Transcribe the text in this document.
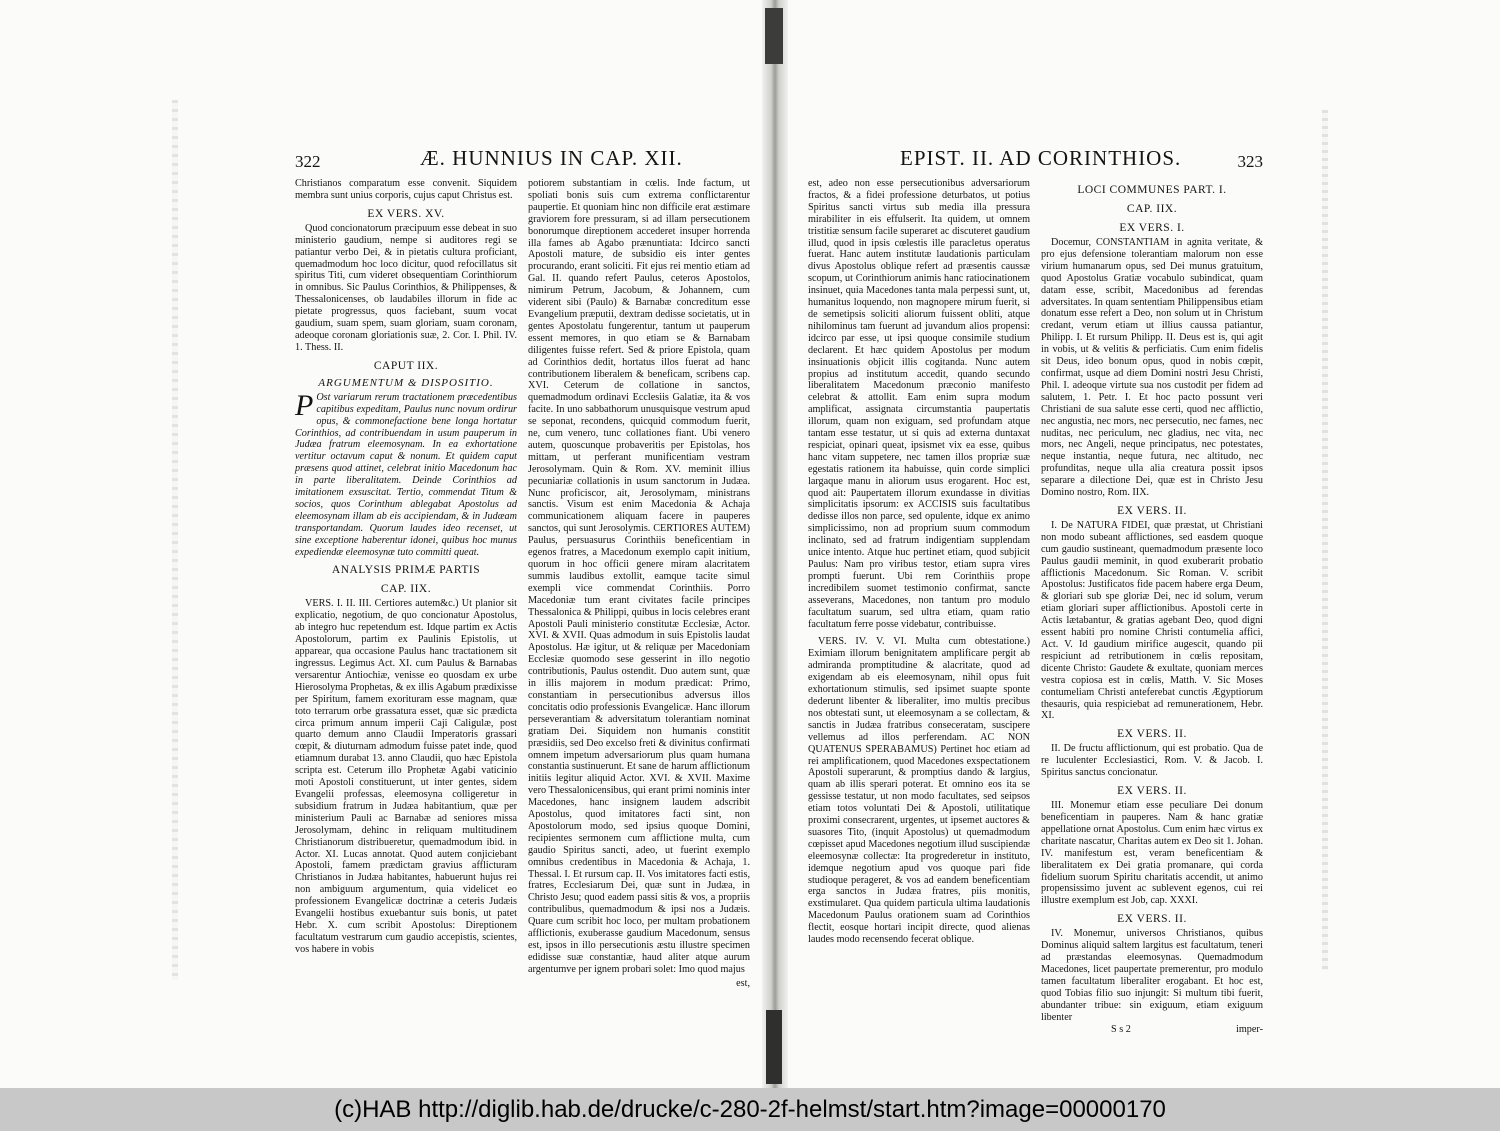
322	Æ. HUNNIUS IN CAP. XII.

Christianos comparatum esse convenit. Siquidem membra sunt unius corporis, cujus caput Christus est.

EX VERS. XV.

Quod concionatorum præcipuum esse debeat in suo ministerio gaudium, nempe si auditores regi se patiantur verbo Dei, & in pietatis cultura proficiant, quemadmodum hoc loco dicitur, quod refocillatus sit spiritus Titi, cum videret obsequentiam Corinthiorum in omnibus. Sic Paulus Corinthios, & Philippenses, & Thessalonicenses, ob laudabiles illorum in fide ac pietate progressus, quos faciebant, suum vocat gaudium, suam spem, suam gloriam, suam coronam, adeoque coronam gloriationis suæ, 2. Cor. I. Phil. IV. 1. Thess. II.

CAPUT IIX.
ARGUMENTUM & DISPOSITIO.

P Ost variarum rerum tractationem præcedentibus capitibus expeditam, Paulus nunc novum ordirur opus, & commonefactione bene longa hortatur Corinthios, ad contribuendam in usum pauperum in Judæa fratrum eleemosynam. In ea exhortatione vertitur octavum caput & nonum. Et quidem caput præsens quod attinet, celebrat initio Macedonum hac in parte liberalitatem. Deinde Corinthios ad imitationem exsuscitat. Tertio, commendat Titum & socios, quos Corinthum ablegabat Apostolus ad eleemosynam illam ab eis accipiendam, & in Judæam transportandam. Quorum laudes ideo recenset, ut sine exceptione haberentur idonei, quibus hoc munus expediendæ eleemosynæ tuto committi queat.

ANALYSIS PRIMÆ PARTIS
CAP. IIX.

VERS. I. II. III. Certiores autem&c.) Ut planior sit explicatio, negotium, de quo concionatur Apostolus, ab integro huc repetendum est. Idque partim ex Actis Apostolorum, partim ex Paulinis Epistolis, ut apparear, qua occasione Paulus hanc tractationem sit ingressus. Legimus Act. XI. cum Paulus & Barnabas versarentur Antiochiæ, venisse eo quosdam ex urbe Hierosolyma Prophetas, & ex illis Agabum prædixisse per Spiritum, famem exorituram esse magnam, quæ toto terrarum orbe grassatura esset, quæ sic prædicta circa primum annum imperii Caji Caligulæ, post quarto demum anno Claudii Imperatoris grassari cœpit, & diuturnam admodum fuisse patet inde, quod etiamnum durabat 13. anno Claudii, quo hæc Epistola scripta est. Ceterum illo Prophetæ Agabi vaticinio moti Apostoli constituerunt, ut inter gentes, sidem Evangelii professas, eleemosyna colligeretur in subsidium fratrum in Judæa habitantium, quæ per ministerium Pauli ac Barnabæ ad seniores missa Jerosolymam, dehinc in reliquam multitudinem Christianorum distribueretur, quemadmodum ibid. in Actor. XI. Lucas annotat. Quod autem conjiciebant Apostoli, famem prædictam gravius afflicturam Christianos in Judæa habitantes, habuerunt hujus rei non ambiguum argumentum, quia videlicet eo professionem Evangelicæ doctrinæ a ceteris Judæis Evangelii hostibus exuebantur suis bonis, ut patet Hebr. X. cum scribit Apostolus: Direptionem facultatum vestrarum cum gaudio accepistis, scientes, vos habere in vobis

potiorem substantiam in cœlis. Inde factum, ut spoliati bonis suis cum extrema conflictarentur paupertie. Et quoniam hinc non difficile erat æstimare graviorem fore pressuram, si ad illam persecutionem bonorumque direptionem accederet insuper horrenda illa fames ab Agabo prænuntiata: Idcirco sancti Apostoli mature, de subsidio eis inter gentes procurando, erant soliciti. Fit ejus rei mentio etiam ad Gal. II. quando refert Paulus, ceteros Apostolos, nimirum Petrum, Jacobum, & Johannem, cum viderent sibi (Paulo) & Barnabæ concreditum esse Evangelium præputii, dextram dedisse societatis, ut in gentes Apostolatu fungerentur, tantum ut pauperum essent memores, in quo etiam se & Barnabam diligentes fuisse refert. Sed & priore Epistola, quam ad Corinthios dedit, hortatus illos fuerat ad hanc contributionem liberalem & beneficam, scribens cap. XVI. Ceterum de collatione in sanctos, quemadmodum ordinavi Ecclesiis Galatiæ, ita & vos facite. In uno sabbathorum unusquisque vestrum apud se seponat, recondens, quicquid commodum fuerit, ne, cum venero, tunc collationes fiant. Ubi venero autem, quoscunque probaveritis per Epistolas, hos mittam, ut perferant munificentiam vestram Jerosolymam. Quin & Rom. XV. meminit illius pecuniariæ collationis in usum sanctorum in Judæa. Nunc proficiscor, ait, Jerosolymam, ministrans sanctis. Visum est enim Macedonia & Achaja communicationem aliquam facere in pauperes sanctos, qui sunt Jerosolymis. CERTIORES AUTEM) Paulus, persuasurus Corinthiis beneficentiam in egenos fratres, a Macedonum exemplo capit initium, quorum in hoc officii genere miram alacritatem summis laudibus extollit, eamque tacite simul exempli vice commendat Corinthiis. Porro Macedoniæ tum erant civitates facile principes Thessalonica & Philippi, quibus in locis celebres erant Apostoli Pauli ministerio constitutæ Ecclesiæ, Actor. XVI. & XVII. Quas admodum in suis Epistolis laudat Apostolus. Hæ igitur, ut & reliquæ per Macedoniam Ecclesiæ quomodo sese gesserint in illo negotio contributionis, Paulus ostendit. Duo autem sunt, quæ in illis majorem in modum prædicat: Primo, constantiam in persecutionibus adversus illos concitatis odio professionis Evangelicæ. Hanc illorum perseverantiam & adversitatum tolerantiam nominat gratiam Dei. Siquidem non humanis constitit præsidiis, sed Deo excelso freti & divinitus confirmati omnem impetum adversariorum plus quam humana constantia sustinuerunt. Et sane de harum afflictionum initiis legitur aliquid Actor. XVI. & XVII. Maxime vero Thessalonicensibus, qui erant primi nominis inter Macedones, hanc insignem laudem adscribit Apostolus, quod imitatores facti sint, non Apostolorum modo, sed ipsius quoque Domini, recipientes sermonem cum afflictione multa, cum gaudio Spiritus sancti, adeo, ut fuerint exemplo omnibus credentibus in Macedonia & Achaja, 1. Thessal. I. Et rursum cap. II. Vos imitatores facti estis, fratres, Ecclesiarum Dei, quæ sunt in Judæa, in Christo Jesu; quod eadem passi sitis & vos, a propriis contribulibus, quemadmodum & ipsi nos a Judæis. Quare cum scribit hoc loco, per multam probationem afflictionis, exuberasse gaudium Macedonum, sensus est, ipsos in illo persecutionis æstu illustre specimen edidisse suæ constantiæ, haud aliter atque aurum argentumve per ignem probari solet: Imo quod majus

est,
EPIST. II. AD CORINTHIOS.	323

est, adeo non esse persecutionibus adversariorum fractos, & a fidei professione deturbatos, ut potius Spiritus sancti virtus sub media illa pressura mirabiliter in eis effulserit. Ita quidem, ut omnem tristitiæ sensum facile superaret ac discuteret gaudium illud, quod in ipsis cœlestis ille paracletus operatus fuerat. Hanc autem institutæ laudationis particulam divus Apostolus oblique refert ad præsentis caussæ scopum, ut Corinthiorum animis hanc ratiocinationem insinuet, quia Macedones tanta mala perpessi sunt, ut, humanitus loquendo, non magnopere mirum fuerit, si de semetipsis soliciti aliorum fuissent obliti, atque nihilominus tam fuerunt ad juvandum alios propensi: idcirco par esse, ut ipsi quoque consimile studium declarent. Et hæc quidem Apostolus per modum insinuationis objicit illis cogitanda. Nunc autem propius ad institutum accedit, quando secundo liberalitatem Macedonum præconio manifesto celebrat & attollit. Eam enim supra modum amplificat, assignata circumstantia paupertatis illorum, quam non exiguam, sed profundam atque tantam esse testatur, ut si quis ad externa duntaxat respiciat, opinari queat, ipsismet vix ea esse, quibus hanc vitam suppetere, nec tamen illos propriæ suæ egestatis rationem ita habuisse, quin corde simplici largaque manu in aliorum usus erogarent. Hoc est, quod ait: Paupertatem illorum exundasse in divitias simplicitatis ipsorum: ex ACCISIS suis facultatibus dedisse illos non parce, sed opulente, idque ex animo simplicissimo, non ad proprium suum commodum inclinato, sed ad fratrum indigentiam supplendam unice intento. Atque huc pertinet etiam, quod subjicit Paulus: Nam pro viribus testor, etiam supra vires prompti fuerunt. Ubi rem Corinthiis prope incredibilem suomet testimonio confirmat, sancte asseverans, Macedones, non tantum pro modulo facultatum suarum, sed ultra etiam, quam ratio facultatum ferre posse videbatur, contribuisse.

VERS. IV. V. VI. Multa cum obtestatione.) Eximiam illorum benignitatem amplificare pergit ab admiranda promptitudine & alacritate, quod ad exigendam ab eis eleemosynam, nihil opus fuit exhortationum stimulis, sed ipsimet suapte sponte dederunt libenter & liberaliter, imo multis precibus nos obtestati sunt, ut eleemosynam a se collectam, & sanctis in Judæa fratribus conseceratam, suscipere vellemus ad illos perferendam. AC NON QUATENUS SPERABAMUS) Pertinet hoc etiam ad rei amplificationem, quod Macedones exspectationem Apostoli superarunt, & promptius dando & largius, quam ab illis sperari poterat. Et omnino eos ita se gessisse testatur, ut non modo facultates, sed seipsos etiam totos voluntati Dei & Apostoli, utilitatique proximi consecrarent, urgentes, ut ipsemet auctores & suasores Tito, (inquit Apostolus) ut quemadmodum cœpisset apud Macedones negotium illud suscipiendæ eleemosynæ collectæ: Ita progrederetur in instituto, idemque negotium apud vos quoque pari fide studioque perageret, & vos ad eandem beneficentiam erga sanctos in Judæa fratres, piis monitis, exstimularet. Qua quidem particula ultima laudationis Macedonum Paulus orationem suam ad Corinthios flectit, eosque hortari incipit directe, quod alienas laudes modo recensendo fecerat oblique.

LOCI COMMUNES PART. I.
CAP. IIX.
EX VERS. I.

Docemur, CONSTANTIAM in agnita veritate, & pro ejus defensione tolerantiam malorum non esse virium humanarum opus, sed Dei munus gratuitum, quod Apostolus Gratiæ vocabulo subindicat, quam datam esse, scribit, Macedonibus ad ferendas adversitates. In quam sententiam Philippensibus etiam donatum esse refert a Deo, non solum ut in Christum credant, verum etiam ut illius caussa patiantur, Philipp. I. Et rursum Philipp. II. Deus est is, qui agit in vobis, ut & velitis & perficiatis. Cum enim fidelis sit Deus, ideo bonum opus, quod in nobis cœpit, confirmat, usque ad diem Domini nostri Jesu Christi, Phil. I. adeoque virtute sua nos custodit per fidem ad salutem, 1. Petr. I. Et hoc pacto possunt veri Christiani de sua salute esse certi, quod nec afflictio, nec angustia, nec mors, nec persecutio, nec fames, nec nuditas, nec periculum, nec gladius, nec vita, nec mors, nec Angeli, neque principatus, nec potestates, neque instantia, neque futura, nec altitudo, nec profunditas, neque ulla alia creatura possit ipsos separare a dilectione Dei, quæ est in Christo Jesu Domino nostro, Rom. IIX.

EX VERS. II.

I. De NATURA FIDEI, quæ præstat, ut Christiani non modo subeant afflictiones, sed easdem quoque cum gaudio sustineant, quemadmodum præsente loco Paulus gaudii meminit, in quod exuberarit probatio afflictionis Macedonum. Sic Roman. V. scribit Apostolus: Justificatos fide pacem habere erga Deum, & gloriari sub spe gloriæ Dei, nec id solum, verum etiam gloriari super afflictionibus. Apostoli certe in Actis lætabantur, & gratias agebant Deo, quod digni essent habiti pro nomine Christi contumelia affici, Act. V. Id gaudium mirifice augescit, quando pii respiciunt ad retributionem in cœlis repositam, dicente Christo: Gaudete & exultate, quoniam merces vestra copiosa est in cœlis, Matth. V. Sic Moses contumeliam Christi anteferebat cunctis Ægyptiorum thesauris, quia respiciebat ad remunerationem, Hebr. XI.

EX VERS. II.

II. De fructu afflictionum, qui est probatio. Qua de re luculenter Ecclesiastici, Rom. V. & Jacob. I. Spiritus sanctus concionatur.

EX VERS. II.

III. Monemur etiam esse peculiare Dei donum beneficentiam in pauperes. Nam & hanc gratiæ appellatione ornat Apostolus. Cum enim hæc virtus ex charitate nascatur, Charitas autem ex Deo sit 1. Johan. IV. manifestum est, veram beneficentiam & liberalitatem ex Dei gratia promanare, qui corda fidelium suorum Spiritu charitatis accendit, ut animo propensissimo juvent ac sublevent egenos, cui rei illustre exemplum est Job, cap. XXXI.

EX VERS. II.

IV. Monemur, universos Christianos, quibus Dominus aliquid saltem largitus est facultatum, teneri ad præstandas eleemosynas. Quemadmodum Macedones, licet paupertate premerentur, pro modulo tamen facultatum liberaliter erogabant. Et hoc est, quod Tobias filio suo injungit: Si multum tibi fuerit, abundanter tribue: sin exiguum, etiam exiguum libenter

S s 2	imper-
(c)HAB http://diglib.hab.de/drucke/c-280-2f-helmst/start.htm?image=00000170
